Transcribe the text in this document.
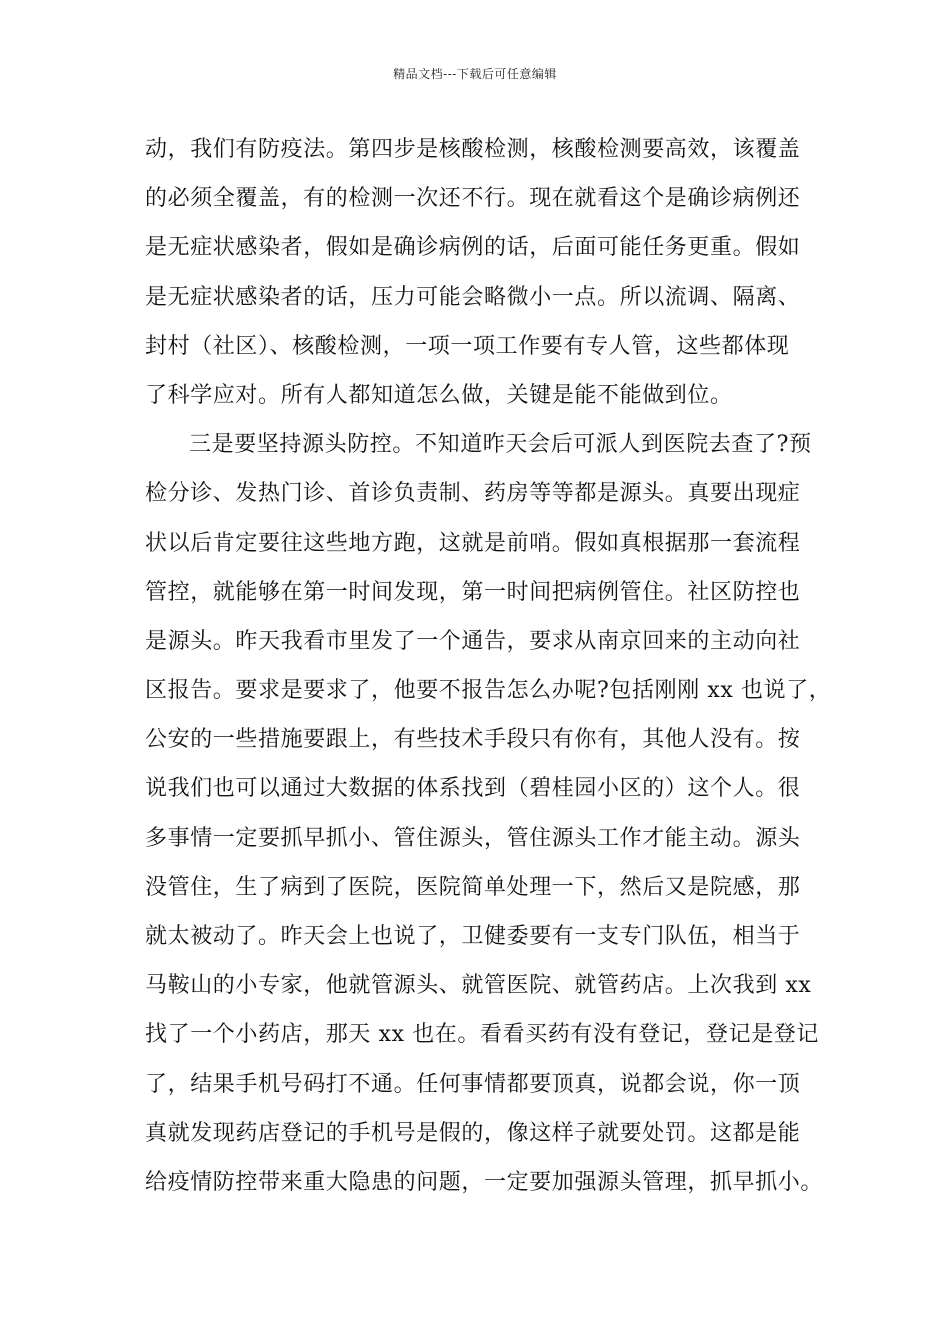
精品文档---下载后可任意编辑
动，我们有防疫法。第四步是核酸检测，核酸检测要高效，该覆盖
的必须全覆盖，有的检测一次还不行。现在就看这个是确诊病例还
是无症状感染者，假如是确诊病例的话，后面可能任务更重。假如
是无症状感染者的话，压力可能会略微小一点。所以流调、隔离、
封村（社区）、核酸检测，一项一项工作要有专人管，这些都体现
了科学应对。所有人都知道怎么做，关键是能不能做到位。
三是要坚持源头防控。不知道昨天会后可派人到医院去查了?预
检分诊、发热门诊、首诊负责制、药房等等都是源头。真要出现症
状以后肯定要往这些地方跑，这就是前哨。假如真根据那一套流程
管控，就能够在第一时间发现，第一时间把病例管住。社区防控也
是源头。昨天我看市里发了一个通告，要求从南京回来的主动向社
区报告。要求是要求了，他要不报告怎么办呢?包括刚刚 xx 也说了，
公安的一些措施要跟上，有些技术手段只有你有，其他人没有。按
说我们也可以通过大数据的体系找到（碧桂园小区的）这个人。很
多事情一定要抓早抓小、管住源头，管住源头工作才能主动。源头
没管住，生了病到了医院，医院简单处理一下，然后又是院感，那
就太被动了。昨天会上也说了，卫健委要有一支专门队伍，相当于
马鞍山的小专家，他就管源头、就管医院、就管药店。上次我到 xx
找了一个小药店，那天 xx 也在。看看买药有没有登记，登记是登记
了，结果手机号码打不通。任何事情都要顶真，说都会说，你一顶
真就发现药店登记的手机号是假的，像这样子就要处罚。这都是能
给疫情防控带来重大隐患的问题，一定要加强源头管理，抓早抓小。
